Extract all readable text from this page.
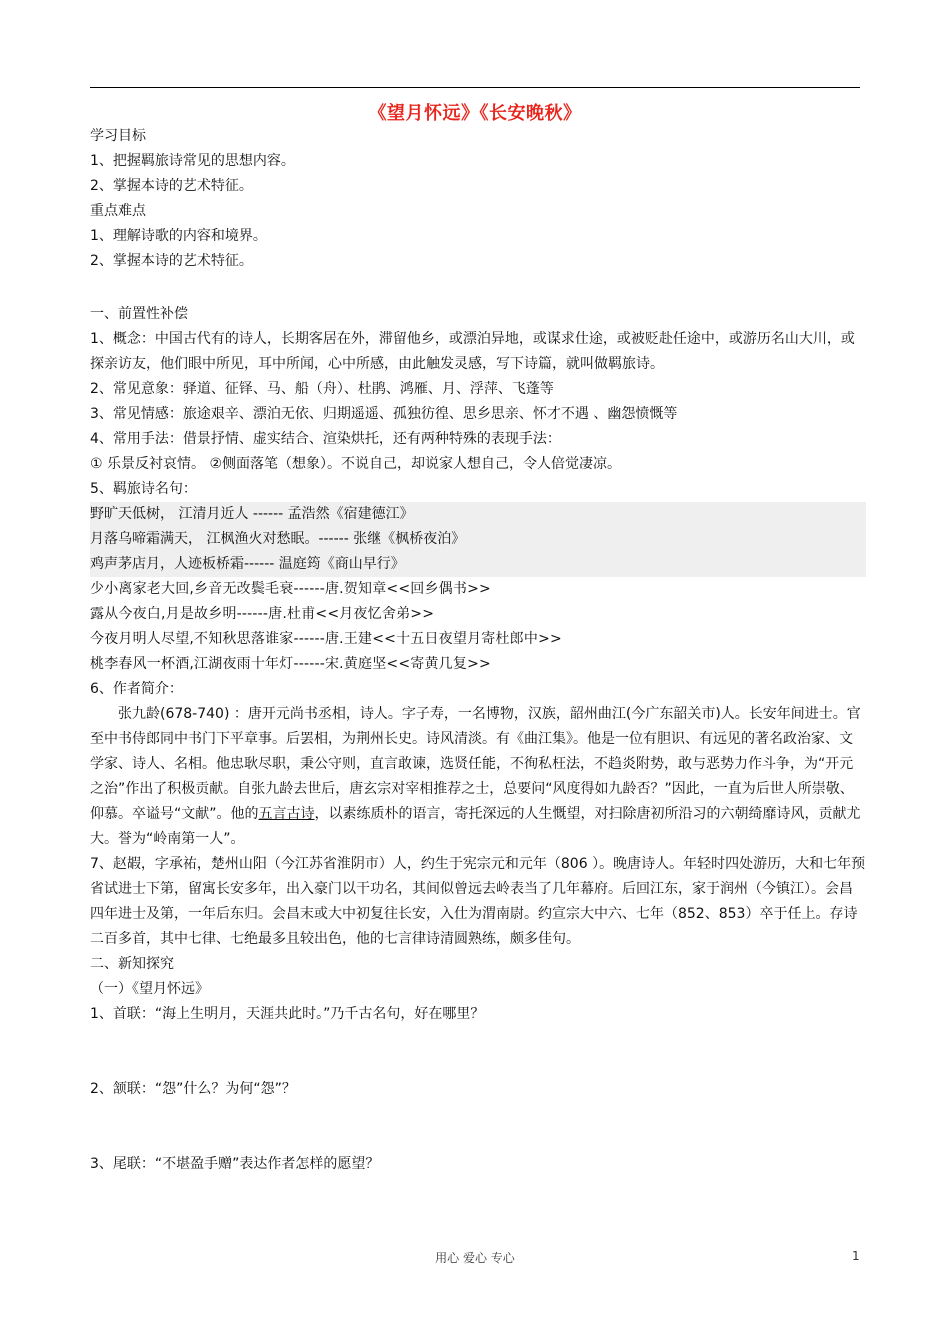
《望月怀远》《长安晚秋》

学习目标

1、把握羁旅诗常见的思想内容。

2、掌握本诗的艺术特征。

重点难点

1、理解诗歌的内容和境界。

2、掌握本诗的艺术特征。

一、前置性补偿

1、概念：中国古代有的诗人，长期客居在外，滞留他乡，或漂泊异地，或谋求仕途，或被贬赴任途中，或游历名山大川，或探亲访友，他们眼中所见，耳中所闻，心中所感，由此触发灵感，写下诗篇，就叫做羁旅诗。

2、常见意象：驿道、征铎、马、船（舟）、杜鹃、鸿雁、月、浮萍、飞蓬等

3、常见情感：旅途艰辛、漂泊无依、归期遥遥、孤独彷徨、思乡思亲、怀才不遇 、幽怨愤慨等

4、常用手法：借景抒情、虚实结合、渲染烘托，还有两种特殊的表现手法：

① 乐景反衬哀情。 ②侧面落笔（想象）。不说自己，却说家人想自己，令人倍觉凄凉。

5、羁旅诗名句：

野旷天低树， 江清月近人 ------ 孟浩然《宿建德江》

月落乌啼霜满天， 江枫渔火对愁眠。------ 张继《枫桥夜泊》

鸡声茅店月，人迹板桥霜------ 温庭筠《商山早行》

少小离家老大回,乡音无改鬓毛衰------唐.贺知章<<回乡偶书>>

露从今夜白,月是故乡明------唐.杜甫<<月夜忆舍弟>>

今夜月明人尽望,不知秋思落谁家------唐.王建<<十五日夜望月寄杜郎中>>

桃李春风一杯酒,江湖夜雨十年灯------宋.黄庭坚<<寄黄几复>>

6、作者简介：

张九龄(678-740) ：唐开元尚书丞相，诗人。字子寿，一名博物，汉族，韶州曲江(今广东韶关市)人。长安年间进士。官至中书侍郎同中书门下平章事。后罢相，为荆州长史。诗风清淡。有《曲江集》。他是一位有胆识、有远见的著名政治家、文学家、诗人、名相。他忠耿尽职，秉公守则，直言敢谏，选贤任能，不徇私枉法，不趋炎附势，敢与恶势力作斗争，为“开元之治”作出了积极贡献。自张九龄去世后，唐玄宗对宰相推荐之士，总要问“风度得如九龄否？”因此，一直为后世人所崇敬、仰慕。卒谥号“文献”。他的五言古诗，以素练质朴的语言，寄托深远的人生慨望，对扫除唐初所沿习的六朝绮靡诗风，贡献尤大。誉为“岭南第一人”。

7、赵嘏，字承祐，楚州山阳（今江苏省淮阴市）人，约生于宪宗元和元年（806 ）。晚唐诗人。年轻时四处游历，大和七年预省试进士下第，留寓长安多年，出入豪门以干功名，其间似曾远去岭表当了几年幕府。后回江东，家于润州（今镇江）。会昌四年进士及第，一年后东归。会昌末或大中初复往长安，入仕为渭南尉。约宣宗大中六、七年（852、853）卒于任上。存诗二百多首，其中七律、七绝最多且较出色，他的七言律诗清圆熟练，颇多佳句。

二、新知探究

（一）《望月怀远》

1、首联：“海上生明月，天涯共此时。”乃千古名句，好在哪里？

2、颔联：“怨”什么？为何“怨”？

3、尾联：“不堪盈手赠”表达作者怎样的愿望？

用心 爱心 专心	1
